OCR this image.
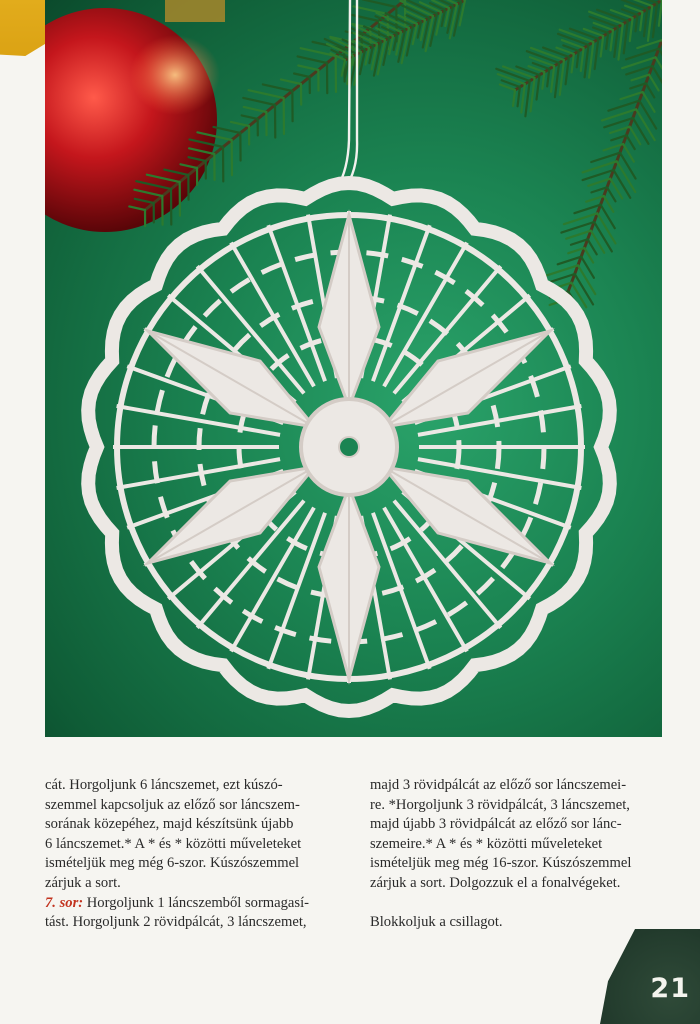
cát. Horgoljunk 6 láncszemet, ezt kúszó-
szemmel kapcsoljuk az előző sor láncszem-
sorának közepéhez, majd készítsünk újabb
6 láncszemet.* A * és * közötti műveleteket
ismételjük meg még 6-szor. Kúszószemmel
zárjuk a sort.
7. sor: Horgoljunk 1 láncszemből sormagasí-
tást. Horgoljunk 2 rövidpálcát, 3 láncszemet,
majd 3 rövidpálcát az előző sor láncszemei-
re. *Horgoljunk 3 rövidpálcát, 3 láncszemet,
majd újabb 3 rövidpálcát az előző sor lánc-
szemeire.* A * és * közötti műveleteket
ismételjük meg még 16-szor. Kúszószemmel
zárjuk a sort. Dolgozzuk el a fonalvégeket.
Blokkoljuk a csillagot.
21
